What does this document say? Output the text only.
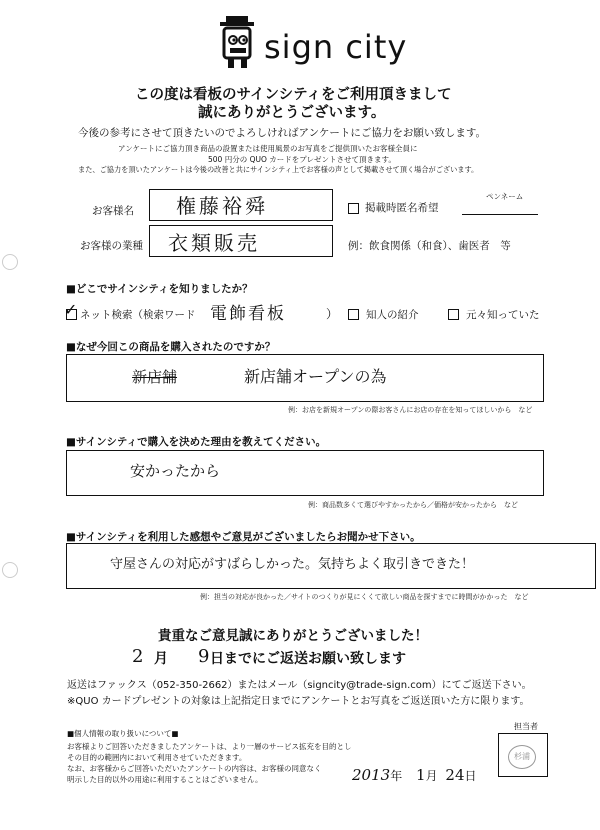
sign city
この度は看板のサインシティをご利用頂きまして
誠にありがとうございます。
今後の参考にさせて頂きたいのでよろしければアンケートにご協力をお願い致します。
アンケートにご協力頂き商品の設置または使用風景のお写真をご提供頂いたお客様全員に
500 円分の QUO カードをプレゼントさせて頂きます。
また、ご協力を頂いたアンケートは今後の改善と共にサインシティ上でお客様の声として掲載させて頂く場合がございます。
お客様名 権藤裕舜	掲載時匿名希望
ペンネーム
お客様の業種 衣類販売	例：飲食関係（和食）、歯医者　等
■どこでサインシティを知りましたか？
✓ ネット検索（検索ワード 電飾看板	）	知人の紹介	元々知っていた
■なぜ今回この商品を購入されたのですか？
新店舗	新店舗オープンの為
例：お店を新規オープンの際お客さんにお店の存在を知ってほしいから　など
■サインシティで購入を決めた理由を教えてください。
安かったから
例：商品数多くて選びやすかったから／価格が安かったから　など
■サインシティを利用した感想やご意見がございましたらお聞かせ下さい。
守屋さんの対応がすばらしかった。気持ちよく取引きできた！
例：担当の対応が良かった／サイトのつくりが見にくくて欲しい商品を探すまでに時間がかかった　など
貴重なご意見誠にありがとうございました！
2 月 9 日までにご返送お願い致します
返送はファックス（052-350-2662）またはメール（signcity@trade-sign.com）にてご返送下さい。
※QUO カードプレゼントの対象は上記指定日までにアンケートとお写真をご返送頂いた方に限ります。
■個人情報の取り扱いについて■
お客様よりご回答いただきましたアンケートは、より一層のサービス拡充を目的とし
その目的の範囲内において利用させていただきます。
なお、お客様からご回答いただいたアンケートの内容は、お客様の同意なく
明示した目的以外の用途に利用することはございません。
担当者
杉浦
2013年 1月 24日
